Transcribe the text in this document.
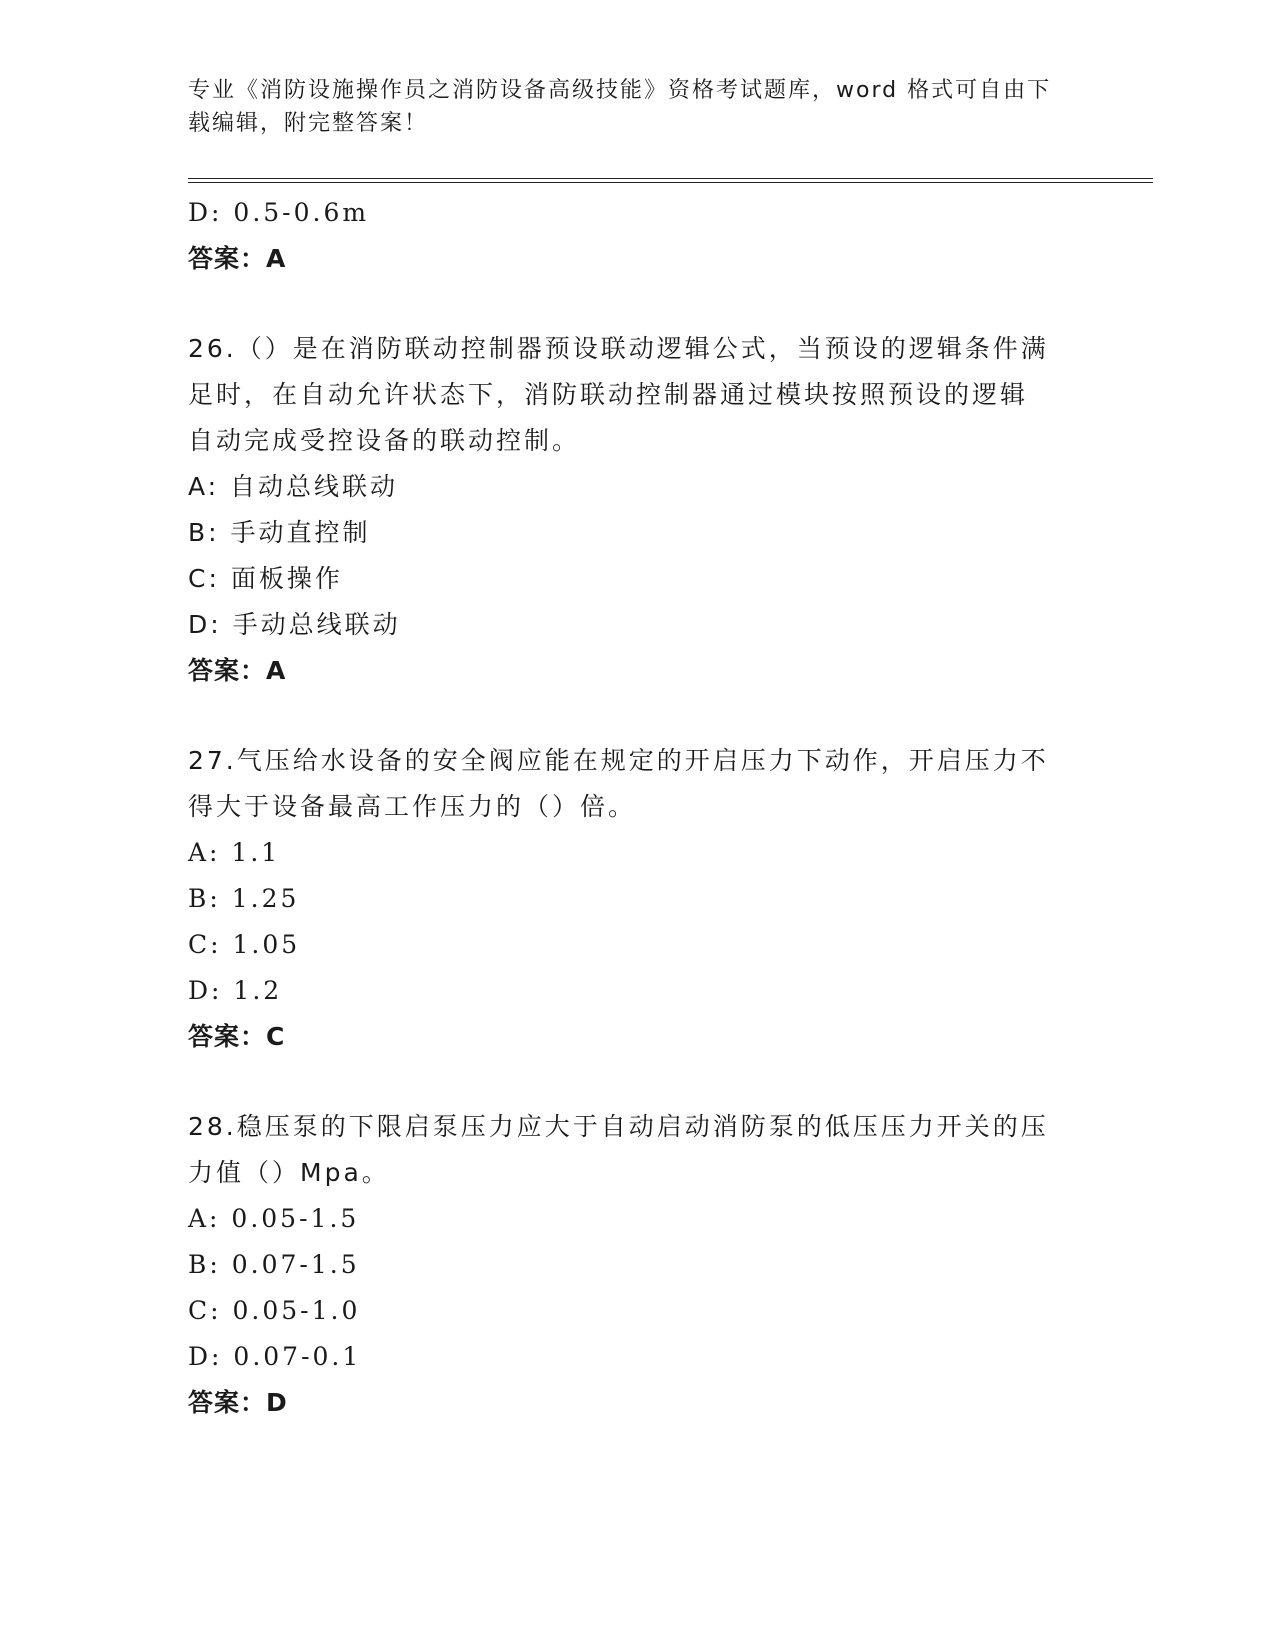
专业《消防设施操作员之消防设备高级技能》资格考试题库，word 格式可自由下
载编辑，附完整答案！
D: 0.5-0.6m
答案：A
26.（）是在消防联动控制器预设联动逻辑公式，当预设的逻辑条件满
足时，在自动允许状态下，消防联动控制器通过模块按照预设的逻辑
自动完成受控设备的联动控制。
A: 自动总线联动
B: 手动直控制
C: 面板操作
D: 手动总线联动
答案：A
27.气压给水设备的安全阀应能在规定的开启压力下动作，开启压力不
得大于设备最高工作压力的（）倍。
A: 1.1
B: 1.25
C: 1.05
D: 1.2
答案：C
28.稳压泵的下限启泵压力应大于自动启动消防泵的低压压力开关的压
力值（）Mpa。
A: 0.05-1.5
B: 0.07-1.5
C: 0.05-1.0
D: 0.07-0.1
答案：D
